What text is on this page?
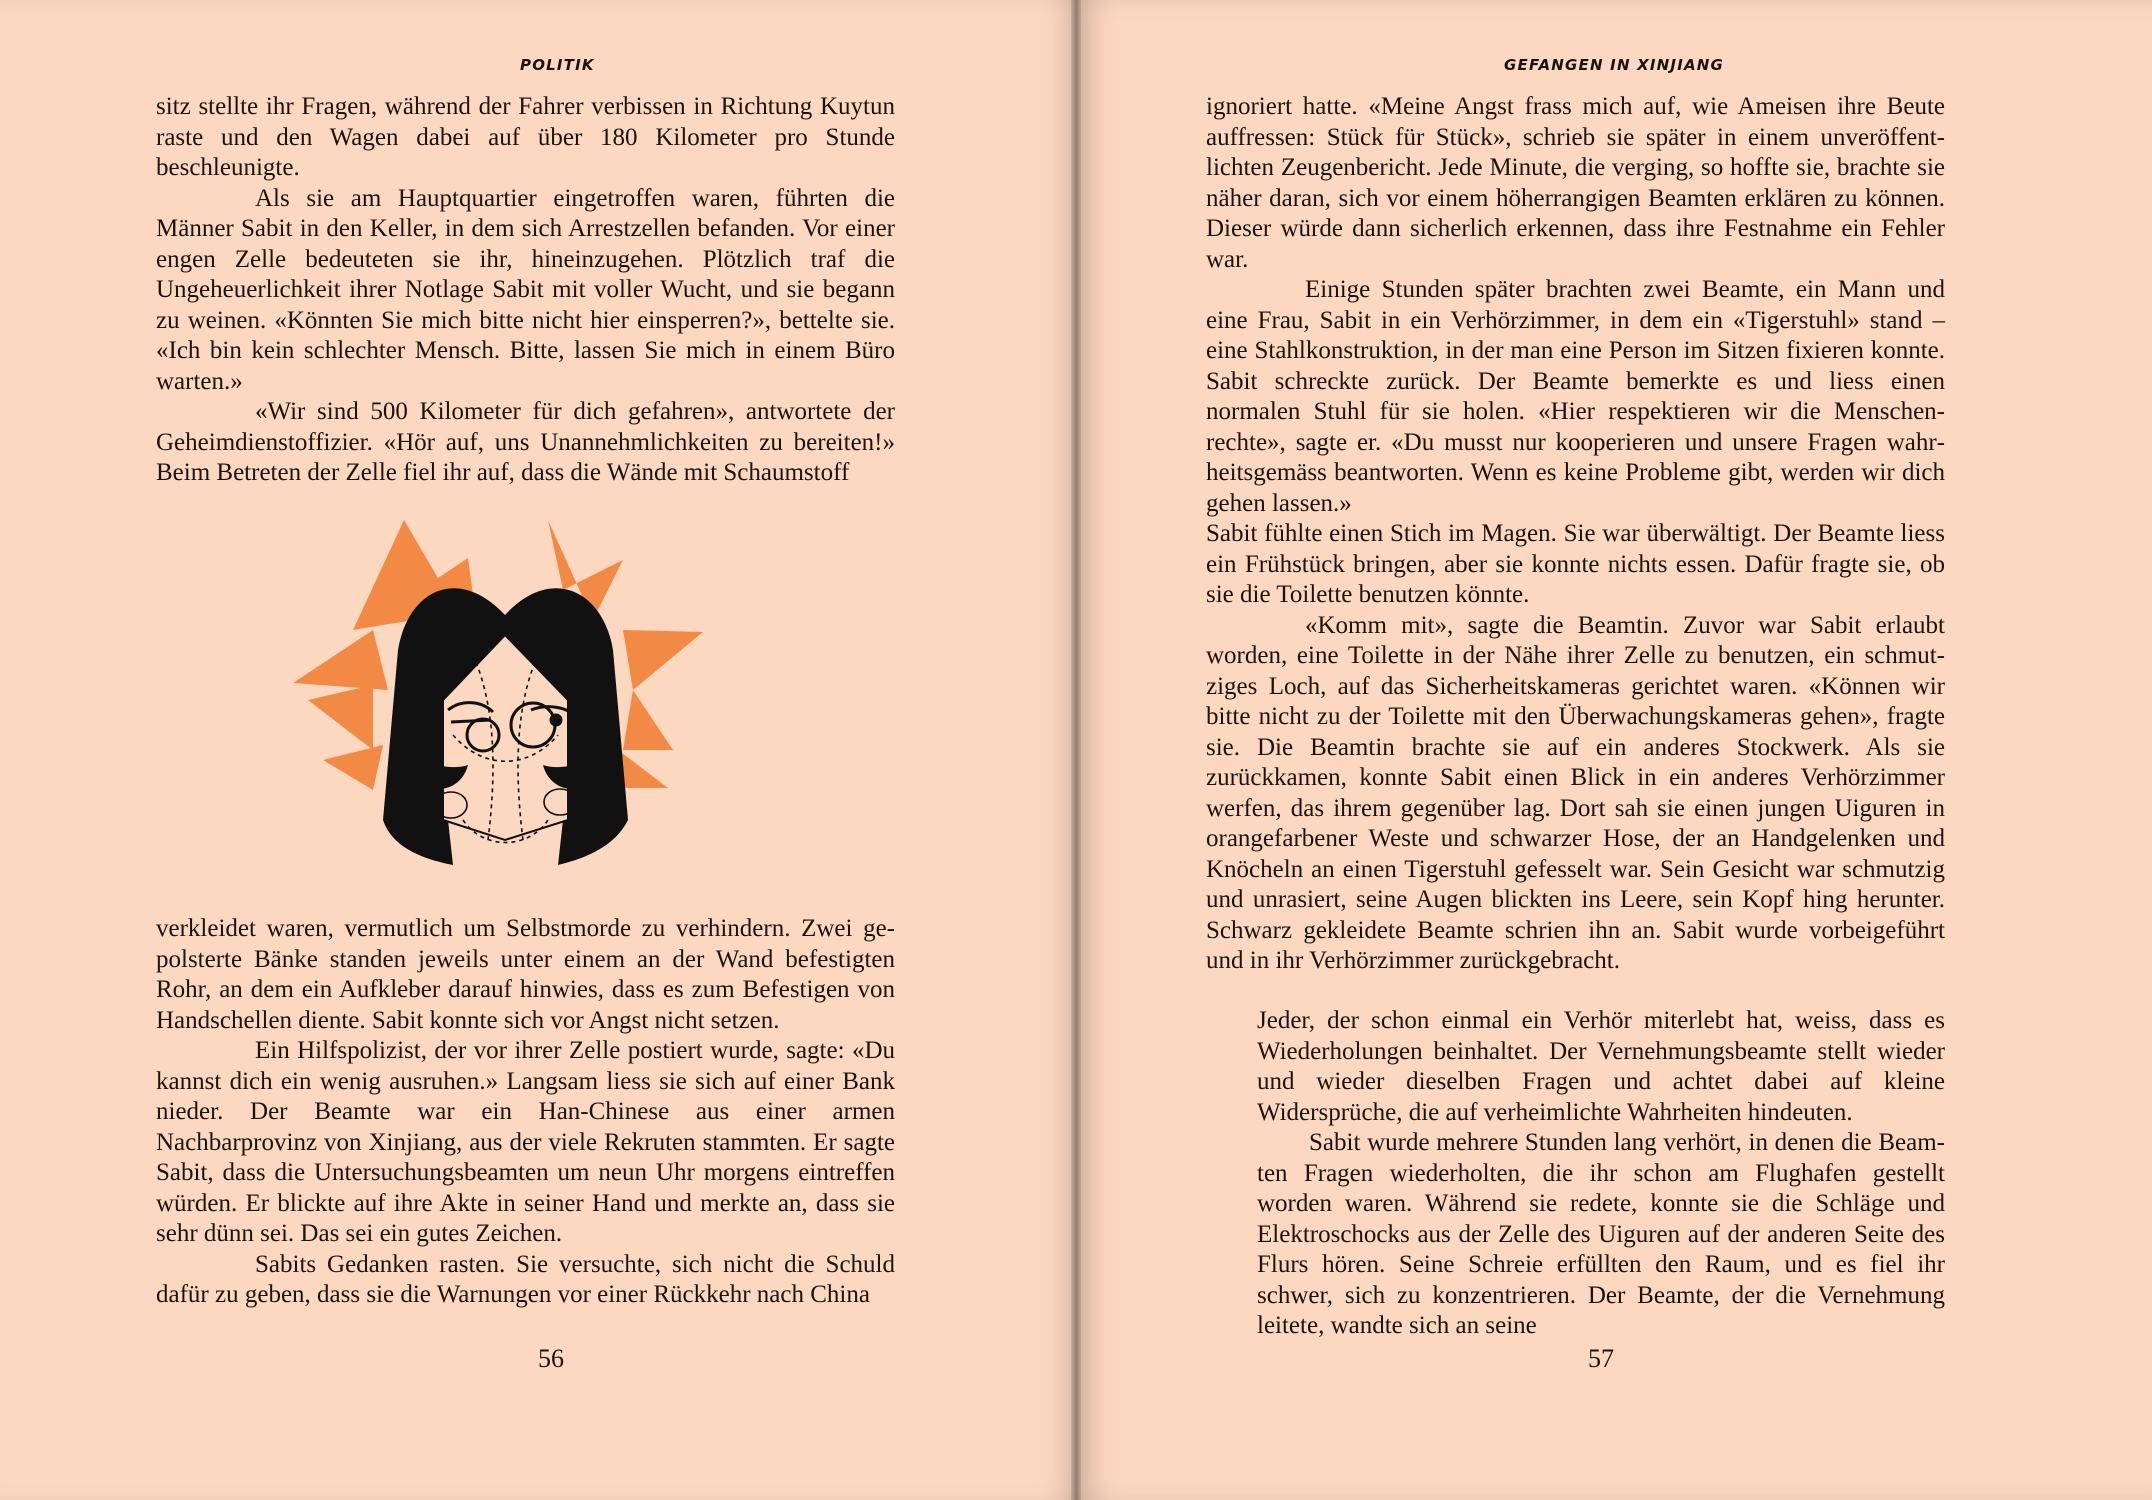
POLITIK

sitz stellte ihr Fragen, während der Fahrer verbissen in Richtung Kuytun raste und den Wagen dabei auf über 180 Kilometer pro Stunde beschleunigte.

Als sie am Hauptquartier eingetroffen waren, führten die Männer Sabit in den Keller, in dem sich Arrestzellen befanden. Vor einer engen Zelle bedeuteten sie ihr, hineinzugehen. Plötzlich traf die Ungeheuerlichkeit ihrer Notlage Sabit mit voller Wucht, und sie begann zu weinen. «Könnten Sie mich bitte nicht hier einsperren?», bettelte sie. «Ich bin kein schlechter Mensch. Bitte, lassen Sie mich in einem Büro warten.»

«Wir sind 500 Kilometer für dich gefahren», antwortete der Geheimdienstoffizier. «Hör auf, uns Unannehmlichkeiten zu bereiten!» Beim Betreten der Zelle fiel ihr auf, dass die Wände mit Schaumstoff

verkleidet waren, vermutlich um Selbstmorde zu verhindern. Zwei gepolsterte Bänke standen jeweils unter einem an der Wand befestigten Rohr, an dem ein Aufkleber darauf hinwies, dass es zum Befestigen von Handschellen diente. Sabit konnte sich vor Angst nicht setzen.

Ein Hilfspolizist, der vor ihrer Zelle postiert wurde, sagte: «Du kannst dich ein wenig ausruhen.» Langsam liess sie sich auf einer Bank nieder. Der Beamte war ein Han-Chinese aus einer armen Nachbarprovinz von Xinjiang, aus der viele Rekruten stammten. Er sagte Sabit, dass die Untersuchungsbeamten um neun Uhr morgens eintreffen würden. Er blickte auf ihre Akte in seiner Hand und merkte an, dass sie sehr dünn sei. Das sei ein gutes Zeichen.

Sabits Gedanken rasten. Sie versuchte, sich nicht die Schuld dafür zu geben, dass sie die Warnungen vor einer Rückkehr nach China

56
GEFANGEN IN XINJIANG

ignoriert hatte. «Meine Angst frass mich auf, wie Ameisen ihre Beute auffressen: Stück für Stück», schrieb sie später in einem unveröffentlichten Zeugenbericht. Jede Minute, die verging, so hoffte sie, brachte sie näher daran, sich vor einem höherrangigen Beamten erklären zu können. Dieser würde dann sicherlich erkennen, dass ihre Festnahme ein Fehler war.

Einige Stunden später brachten zwei Beamte, ein Mann und eine Frau, Sabit in ein Verhörzimmer, in dem ein «Tigerstuhl» stand – eine Stahlkonstruktion, in der man eine Person im Sitzen fixieren konnte. Sabit schreckte zurück. Der Beamte bemerkte es und liess einen normalen Stuhl für sie holen. «Hier respektieren wir die Menschenrechte», sagte er. «Du musst nur kooperieren und unsere Fragen wahrheitsgemäss beantworten. Wenn es keine Probleme gibt, werden wir dich gehen lassen.»

Sabit fühlte einen Stich im Magen. Sie war überwältigt. Der Beamte liess ein Frühstück bringen, aber sie konnte nichts essen. Dafür fragte sie, ob sie die Toilette benutzen könnte.

«Komm mit», sagte die Beamtin. Zuvor war Sabit erlaubt worden, eine Toilette in der Nähe ihrer Zelle zu benutzen, ein schmutziges Loch, auf das Sicherheitskameras gerichtet waren. «Können wir bitte nicht zu der Toilette mit den Überwachungskameras gehen», fragte sie. Die Beamtin brachte sie auf ein anderes Stockwerk. Als sie zurückkamen, konnte Sabit einen Blick in ein anderes Verhörzimmer werfen, das ihrem gegenüber lag. Dort sah sie einen jungen Uiguren in orangefarbener Weste und schwarzer Hose, der an Handgelenken und Knöcheln an einen Tigerstuhl gefesselt war. Sein Gesicht war schmutzig und unrasiert, seine Augen blickten ins Leere, sein Kopf hing herunter. Schwarz gekleidete Beamte schrien ihn an. Sabit wurde vorbeigeführt und in ihr Verhörzimmer zurückgebracht.

Jeder, der schon einmal ein Verhör miterlebt hat, weiss, dass es Wiederholungen beinhaltet. Der Vernehmungsbeamte stellt wieder und wieder dieselben Fragen und achtet dabei auf kleine Widersprüche, die auf verheimlichte Wahrheiten hindeuten.

Sabit wurde mehrere Stunden lang verhört, in denen die Beamten Fragen wiederholten, die ihr schon am Flughafen gestellt worden waren. Während sie redete, konnte sie die Schläge und Elektroschocks aus der Zelle des Uiguren auf der anderen Seite des Flurs hören. Seine Schreie erfüllten den Raum, und es fiel ihr schwer, sich zu konzentrieren. Der Beamte, der die Vernehmung leitete, wandte sich an seine

57
